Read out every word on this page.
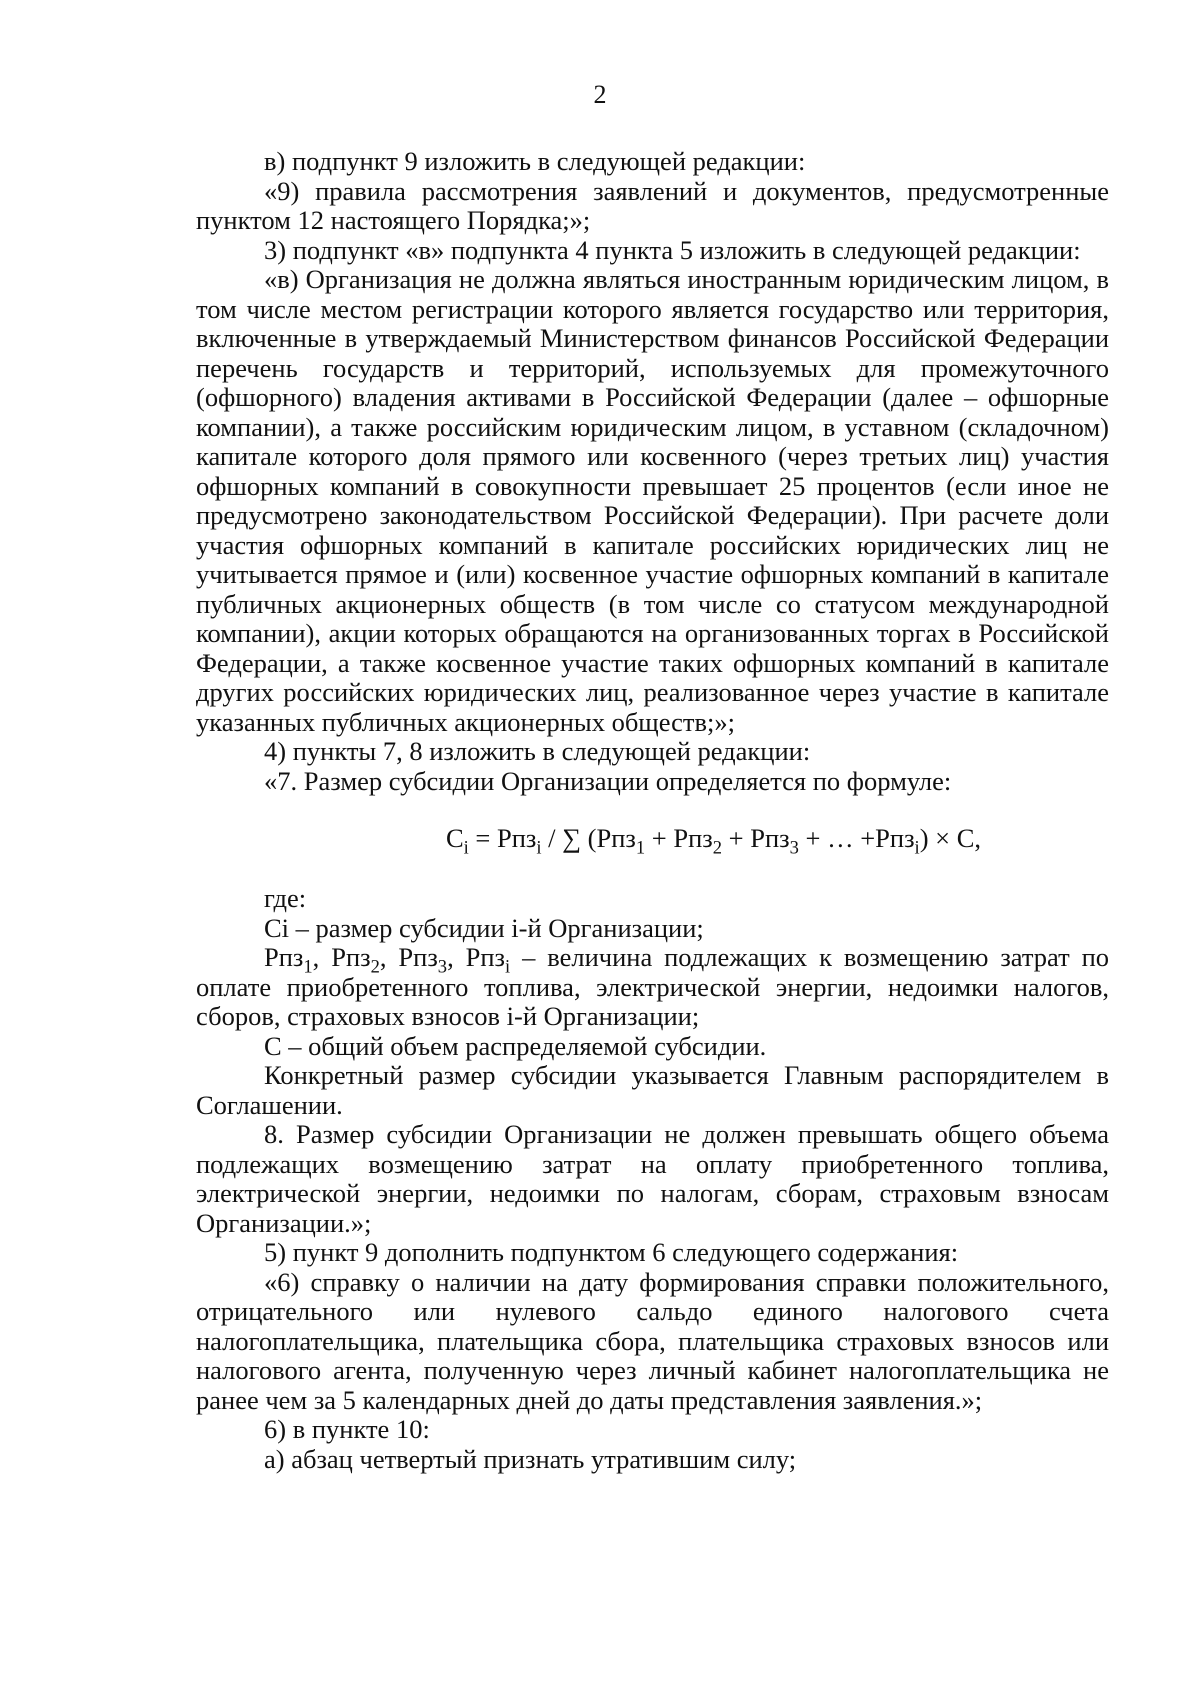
2

в) подпункт 9 изложить в следующей редакции:

«9) правила рассмотрения заявлений и документов, предусмотренные пунктом 12 настоящего Порядка;»;

3) подпункт «в» подпункта 4 пункта 5 изложить в следующей редакции:

«в) Организация не должна являться иностранным юридическим лицом, в том числе местом регистрации которого является государство или территория, включенные в утверждаемый Министерством финансов Российской Федерации перечень государств и территорий, используемых для промежуточного (офшорного) владения активами в Российской Федерации (далее – офшорные компании), а также российским юридическим лицом, в уставном (складочном) капитале которого доля прямого или косвенного (через третьих лиц) участия офшорных компаний в совокупности превышает 25 процентов (если иное не предусмотрено законодательством Российской Федерации). При расчете доли участия офшорных компаний в капитале российских юридических лиц не учитывается прямое и (или) косвенное участие офшорных компаний в капитале публичных акционерных обществ (в том числе со статусом международной компании), акции которых обращаются на организованных торгах в Российской Федерации, а также косвенное участие таких офшорных компаний в капитале других российских юридических лиц, реализованное через участие в капитале указанных публичных акционерных обществ;»;

4) пункты 7, 8 изложить в следующей редакции:

«7. Размер субсидии Организации определяется по формуле:

$C_i = Рпз_i$ / ∑ (Рпз$_1$ + Рпз$_2$ + Рпз$_3$ + … +Рпз$_i$) × C,

где:

Ci – размер субсидии i-й Организации;

Рпз$_1$, Рпз$_2$, Рпз$_3$, Рпз$_i$ – величина подлежащих к возмещению затрат по оплате приобретенного топлива, электрической энергии, недоимки налогов, сборов, страховых взносов i-й Организации;

C – общий объем распределяемой субсидии.

Конкретный размер субсидии указывается Главным распорядителем в Соглашении.

8. Размер субсидии Организации не должен превышать общего объема подлежащих возмещению затрат на оплату приобретенного топлива, электрической энергии, недоимки по налогам, сборам, страховым взносам Организации.»;

5) пункт 9 дополнить подпунктом 6 следующего содержания:

«6) справку о наличии на дату формирования справки положительного, отрицательного или нулевого сальдо единого налогового счета налогоплательщика, плательщика сбора, плательщика страховых взносов или налогового агента, полученную через личный кабинет налогоплательщика не ранее чем за 5 календарных дней до даты представления заявления.»;

6) в пункте 10:

а) абзац четвертый признать утратившим силу;
